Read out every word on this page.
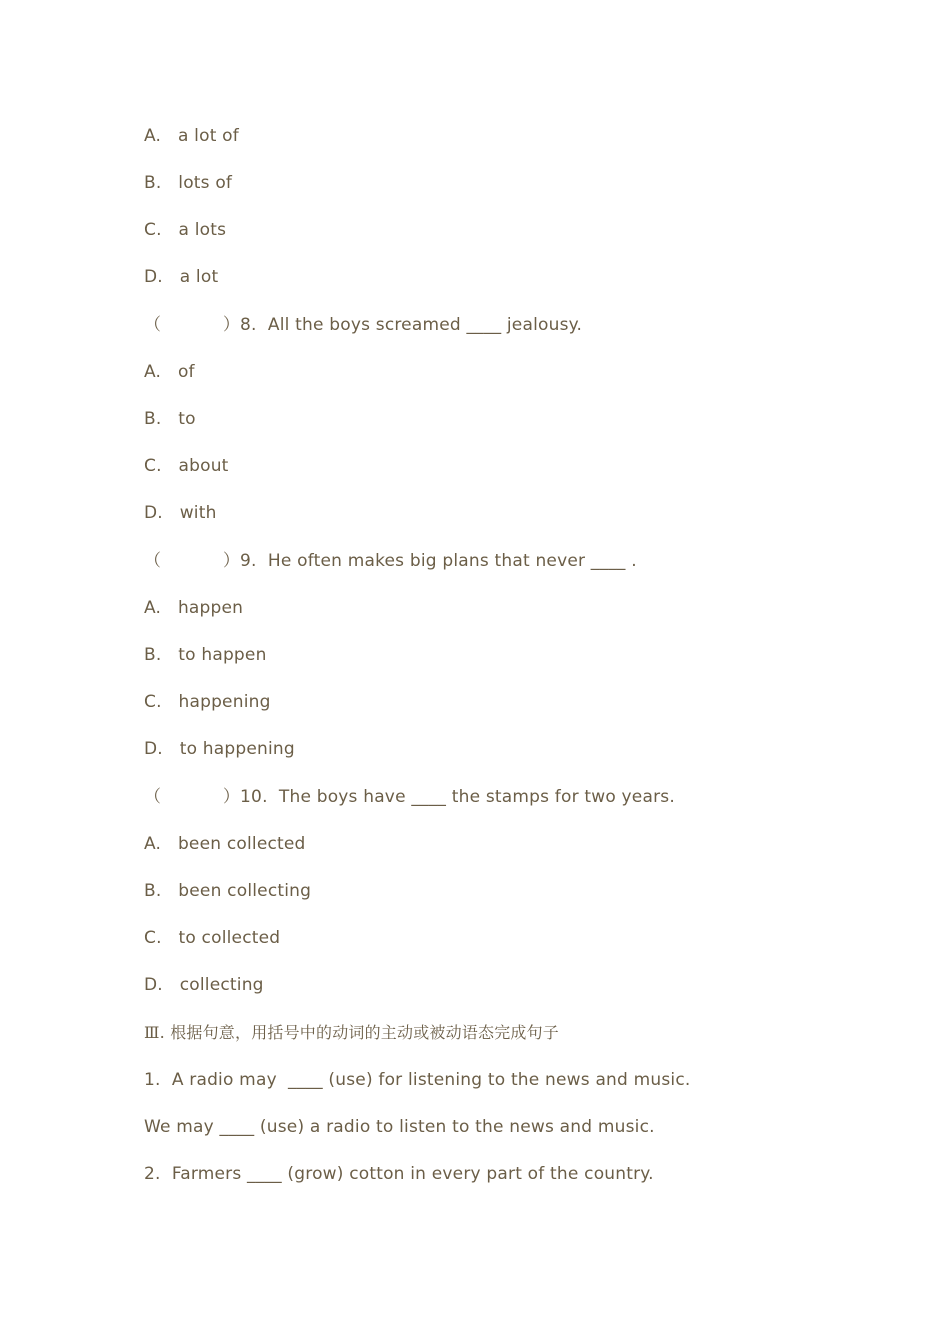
A.   a lot of
B.   lots of
C.   a lots
D.   a lot
（           ）8.  All the boys screamed ____ jealousy.
A.   of
B.   to
C.   about
D.   with
（           ）9.  He often makes big plans that never ____ .
A.   happen
B.   to happen
C.   happening
D.   to happening
（           ）10.  The boys have ____ the stamps for two years.
A.   been collected
B.   been collecting
C.   to collected
D.   collecting
Ⅲ. 根据句意，用括号中的动词的主动或被动语态完成句子
1.  A radio may  ____ (use) for listening to the news and music.
We may ____ (use) a radio to listen to the news and music.
2.  Farmers ____ (grow) cotton in every part of the country.
